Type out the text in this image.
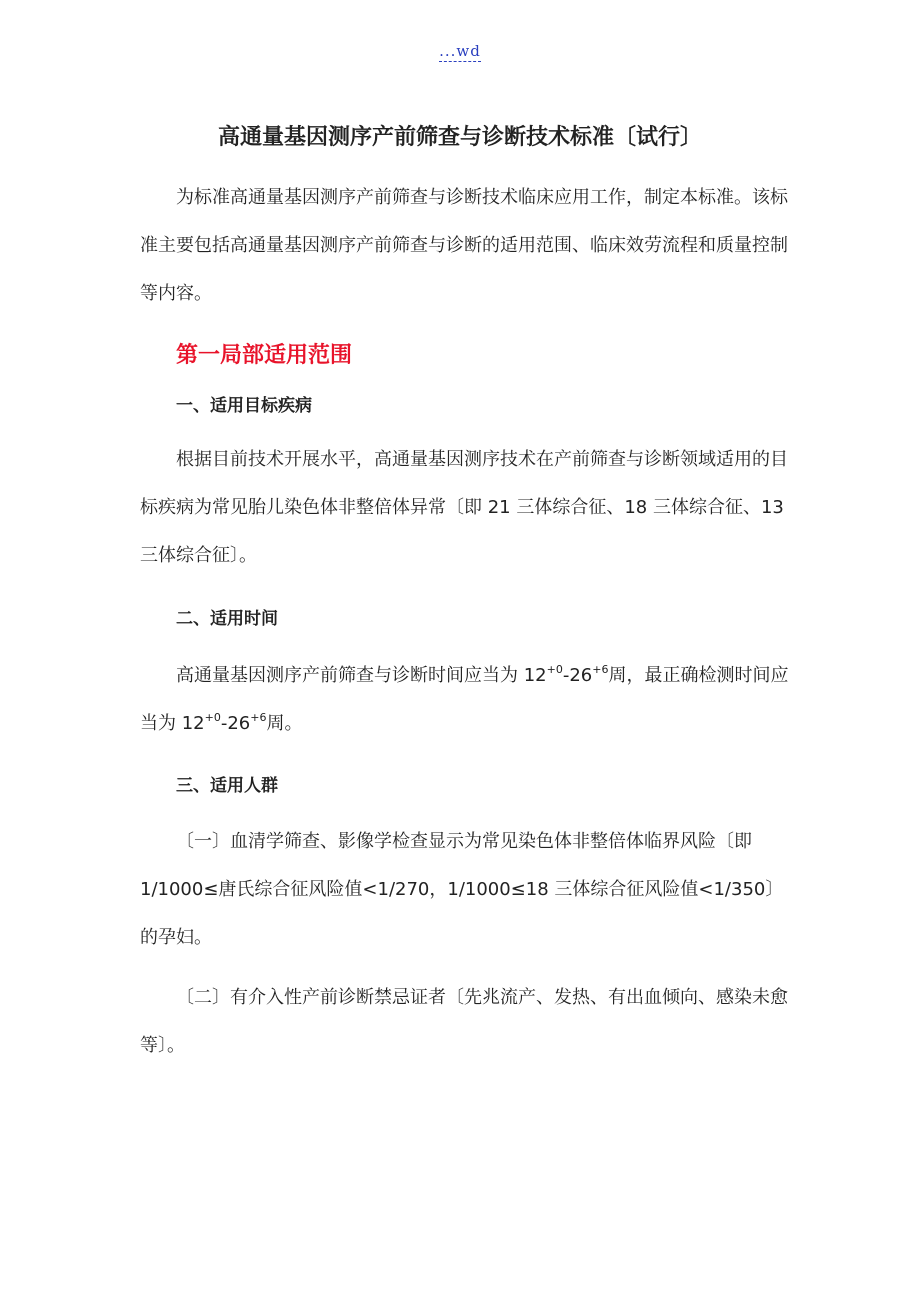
...wd
高通量基因测序产前筛查与诊断技术标准〔试行〕
为标准高通量基因测序产前筛查与诊断技术临床应用工作，制定本标准。该标准主要包括高通量基因测序产前筛查与诊断的适用范围、临床效劳流程和质量控制等内容。
第一局部适用范围
一、适用目标疾病
根据目前技术开展水平，高通量基因测序技术在产前筛查与诊断领域适用的目标疾病为常见胎儿染色体非整倍体异常〔即 21 三体综合征、18 三体综合征、13 三体综合征〕。
二、适用时间
高通量基因测序产前筛查与诊断时间应当为 $12^{+0}-26^{+6}$周，最正确检测时间应当为 $12^{+0}-26^{+6}$周。
三、适用人群
〔一〕血清学筛查、影像学检查显示为常见染色体非整倍体临界风险〔即1/1000≤唐氏综合征风险值<1/270，1/1000≤18 三体综合征风险值<1/350〕的孕妇。
〔二〕有介入性产前诊断禁忌证者〔先兆流产、发热、有出血倾向、感染未愈等〕。
